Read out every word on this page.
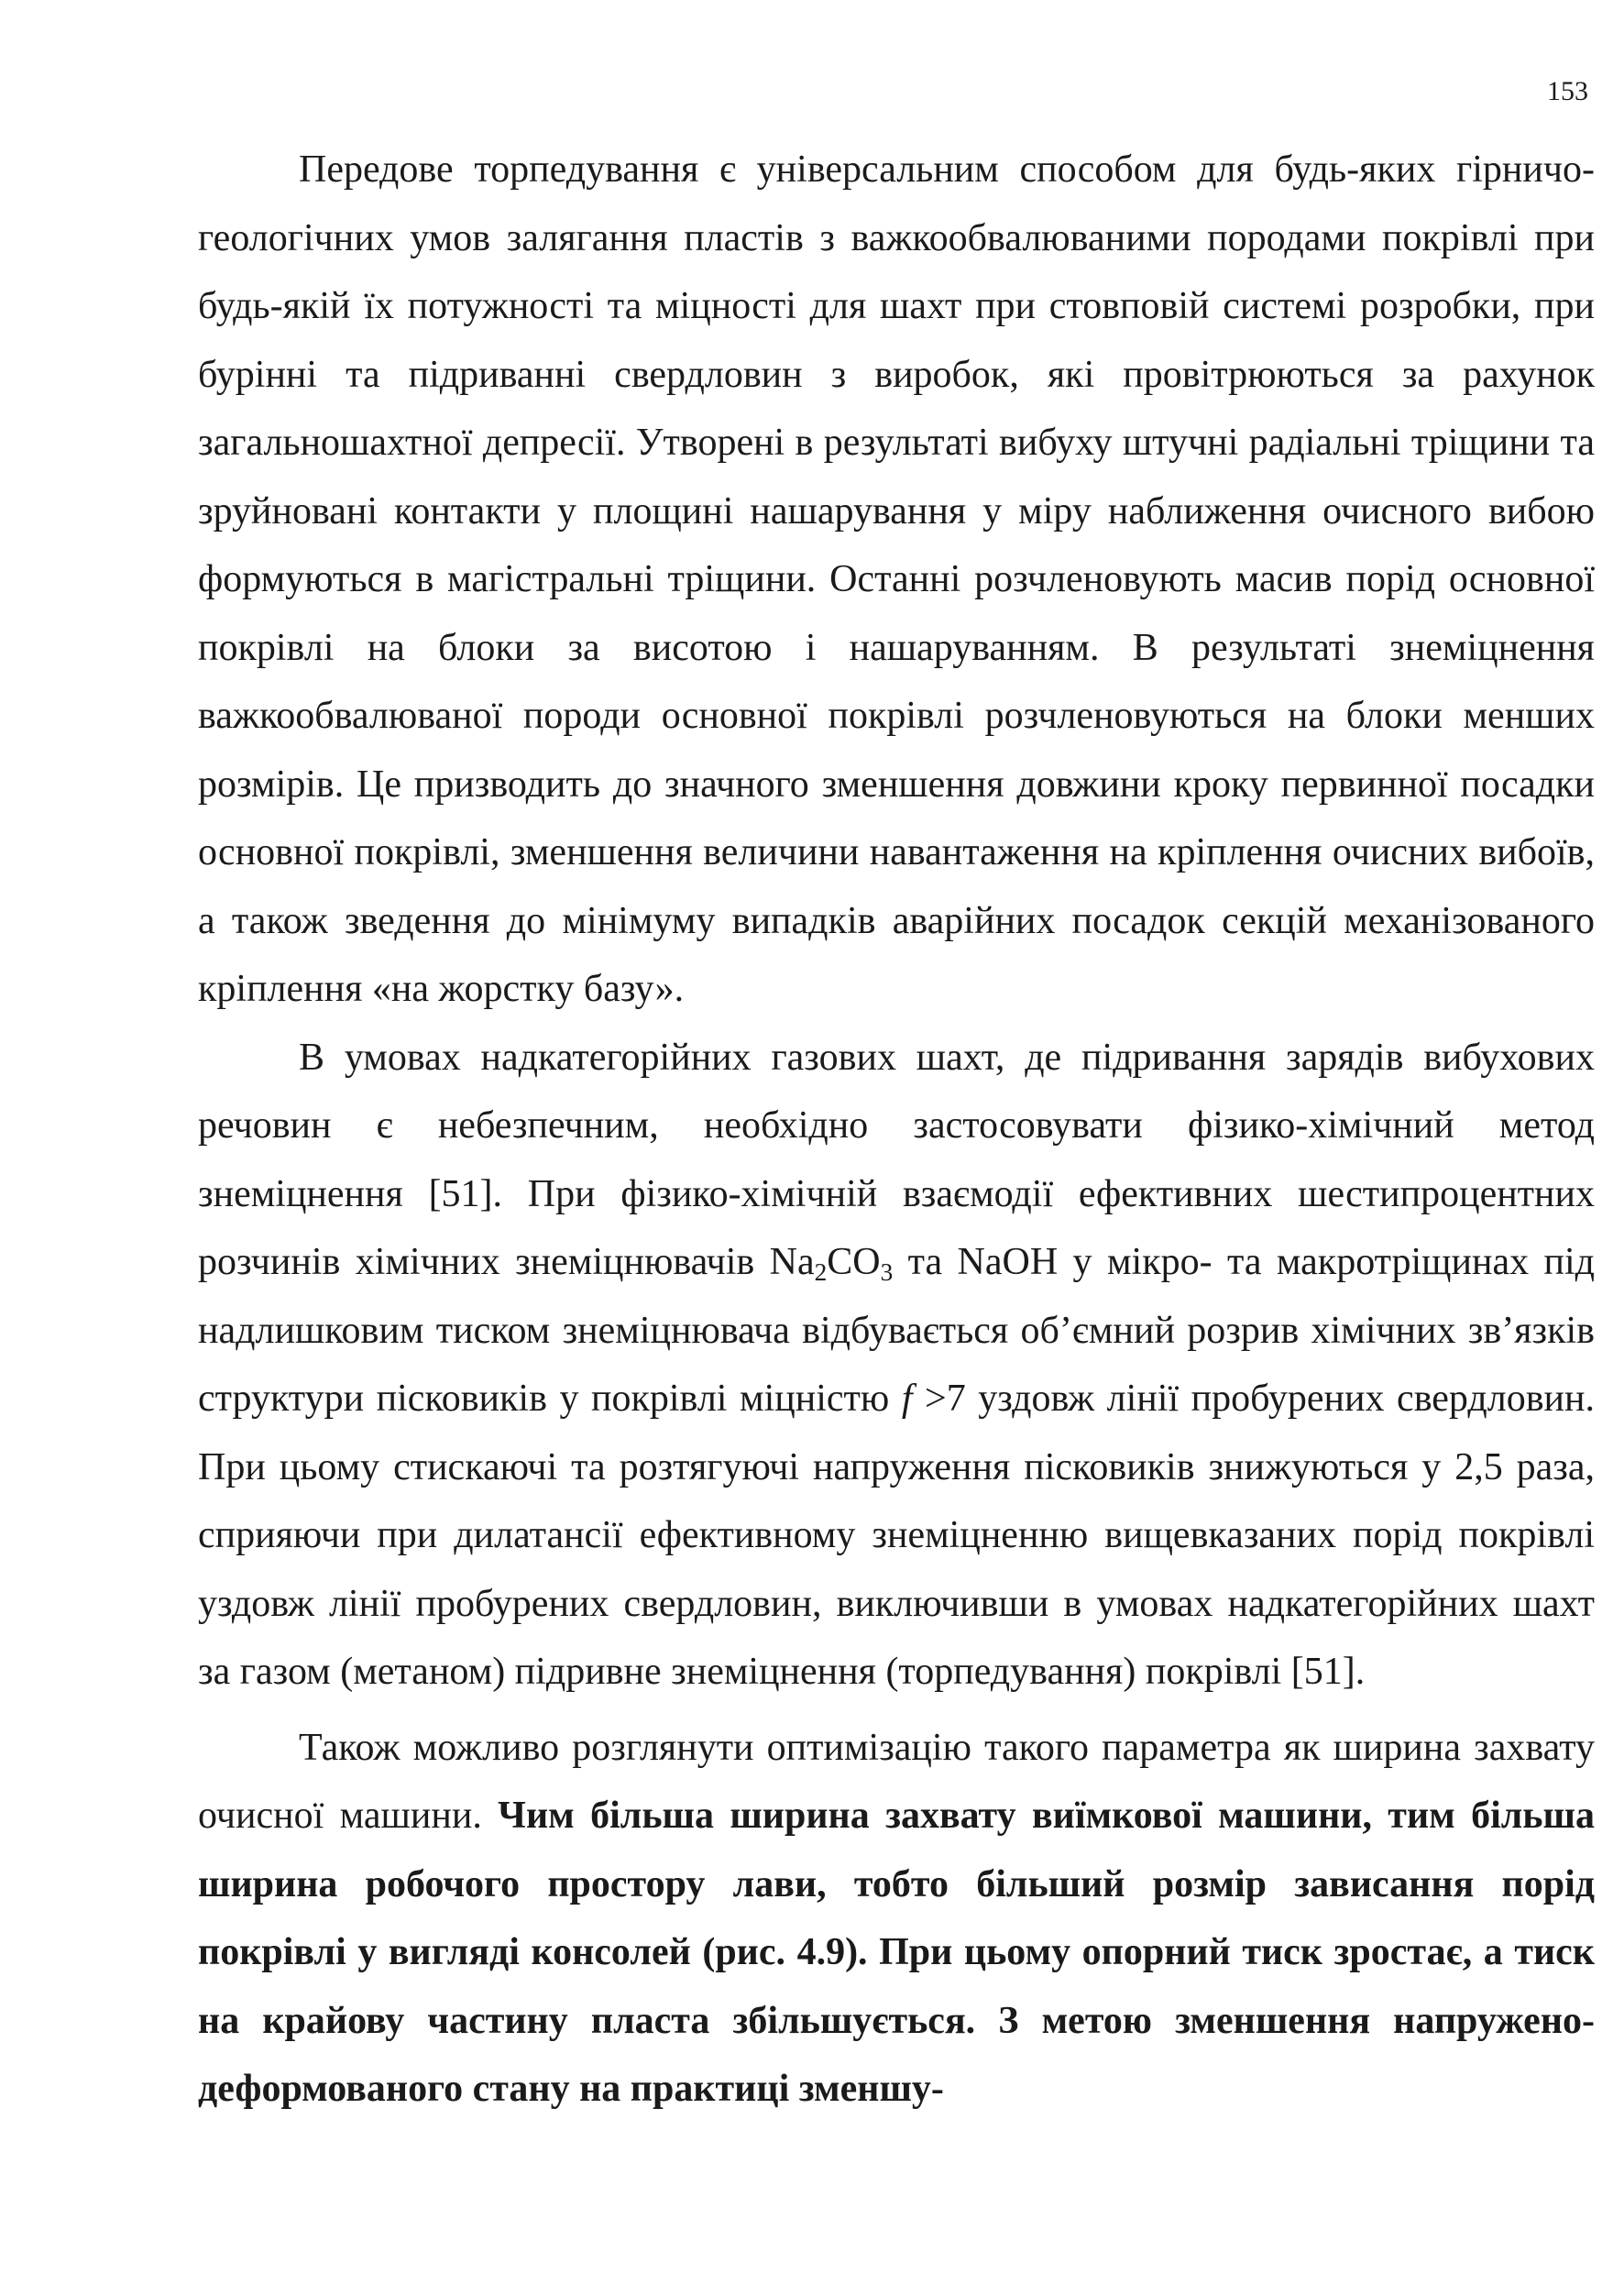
153

Передове торпедування є універсальним способом для будь-яких гірничо-геологічних умов залягання пластів з важкообвалюваними породами покрівлі при будь-якій їх потужності та міцності для шахт при стовповій системі розробки, при бурінні та підриванні свердловин з виробок, які провітрюються за рахунок загальношахтної депресії. Утворені в результаті вибуху штучні радіальні тріщини та зруйновані контакти у площині нашарування у міру наближення очисного вибою формуються в магістральні тріщини. Останні розчленовують масив порід основної покрівлі на блоки за висотою і нашаруванням. В результаті знеміцнення важкообвалюваної породи основної покрівлі розчленовуються на блоки менших розмірів. Це призводить до значного зменшення довжини кроку первинної посадки основної покрівлі, зменшення величини навантаження на кріплення очисних вибоїв, а також зведення до мінімуму випадків аварійних посадок секцій механізованого кріплення «на жорстку базу».

В умовах надкатегорійних газових шахт, де підривання зарядів вибухових речовин є небезпечним, необхідно застосовувати фізико-хімічний метод знеміцнення [51]. При фізико-хімічній взаємодії ефективних шестипроцентних розчинів хімічних знеміцнювачів $Na_2CO_3$ та NaOH у мікро- та макротріщинах під надлишковим тиском знеміцнювача відбувається об’ємний розрив хімічних зв’язків структури пісковиків у покрівлі міцністю f >7 уздовж лінії пробурених свердловин. При цьому стискаючі та розтягуючі напруження пісковиків знижуються у 2,5 раза, сприяючи при дилатансії ефективному знеміцненню вищевказаних порід покрівлі уздовж лінії пробурених свердловин, виключивши в умовах надкатегорійних шахт за газом (метаном) підривне знеміцнення (торпедування) покрівлі [51].

Також можливо розглянути оптимізацію такого параметра як ширина захвату очисної машини. Чим більша ширина захвату виїмкової машини, тим більша ширина робочого простору лави, тобто більший розмір зависання порід покрівлі у вигляді консолей (рис. 4.9). При цьому опорний тиск зростає, а тиск на крайову частину пласта збільшується. З метою зменшення напружено-деформованого стану на практиці зменшу-
